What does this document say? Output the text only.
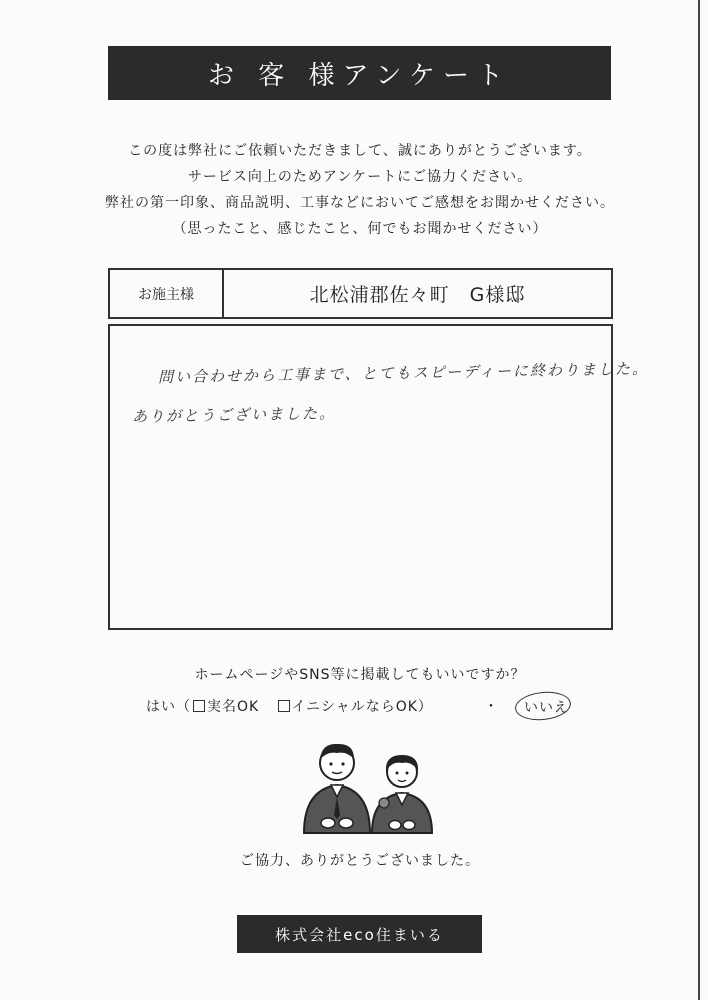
お 客 様アンケート
この度は弊社にご依頼いただきまして、誠にありがとうございます。
サービス向上のためアンケートにご協力ください。
弊社の第一印象、商品説明、工事などにおいてご感想をお聞かせください。
（思ったこと、感じたこと、何でもお聞かせください）
お施主様	北松浦郡佐々町　G様邸
問い合わせから工事まで、とてもスピーディーに終わりました。
ありがとうございました。
ホームページやSNS等に掲載してもいいですか？
はい（ 実名OK イニシャルならOK）	・ いいえ
ご協力、ありがとうございました。
株式会社eco住まいる
